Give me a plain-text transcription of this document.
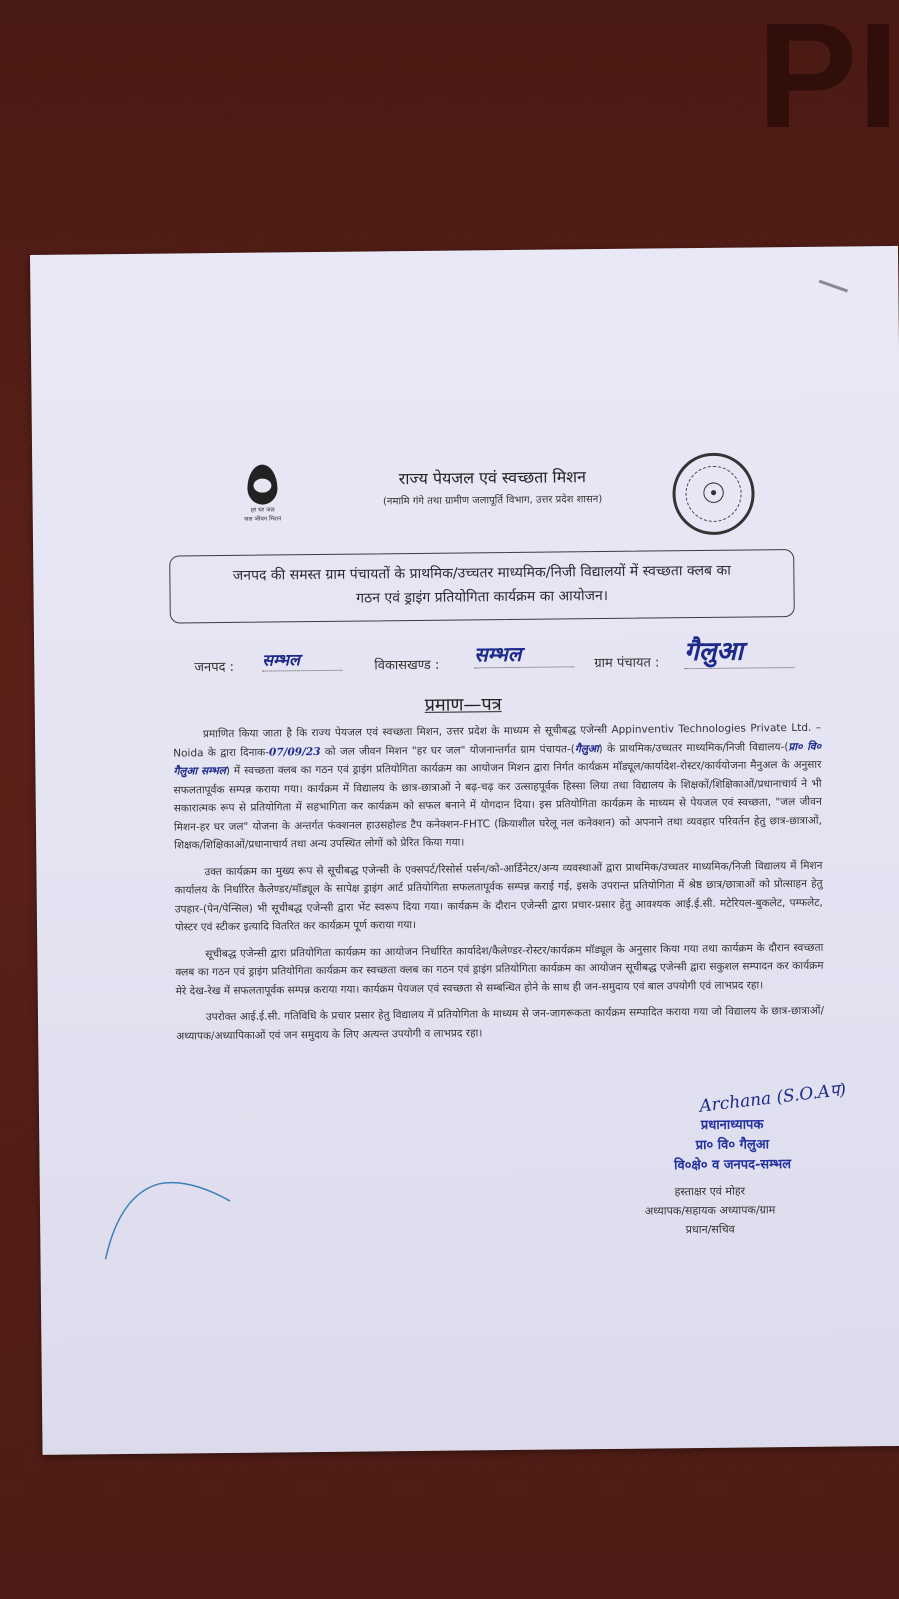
PI
हर घर जल
जल जीवन मिशन
राज्य पेयजल एवं स्वच्छता मिशन
(नमामि गंगे तथा ग्रामीण जलापूर्ति विभाग, उत्तर प्रदेश शासन)	☉
जनपद की समस्त ग्राम पंचायतों के प्राथमिक/उच्चतर माध्यमिक/निजी विद्यालयों में स्वच्छता क्लब का
गठन एवं ड्राइंग प्रतियोगिता कार्यक्रम का आयोजन।
जनपद : सम्भल	विकासखण्ड : सम्भल	ग्राम पंचायत : गैलुआ
प्रमाण—पत्र

प्रमाणित किया जाता है कि राज्य पेयजल एवं स्वच्छता मिशन, उत्तर प्रदेश के माध्यम से सूचीबद्ध एजेन्सी Appinventiv Technologies Private Ltd. – Noida के द्वारा दिनाक-07/09/23 को जल जीवन मिशन "हर घर जल" योजनान्तर्गत ग्राम पंचायत-(गैलुआ) के प्राथमिक/उच्चतर माध्यमिक/निजी विद्यालय-(प्रा० वि० गैलुआ सम्भल) में स्वच्छता क्लब का गठन एवं ड्राइंग प्रतियोगिता कार्यक्रम का आयोजन मिशन द्वारा निर्गत कार्यक्रम मॉड्यूल/कार्यादेश-रोस्टर/कार्ययोजना मैनुअल के अनुसार सफलतापूर्वक सम्पन्न कराया गया। कार्यक्रम में विद्यालय के छात्र-छात्राओं ने बढ़-चढ़ कर उत्साहपूर्वक हिस्सा लिया तथा विद्यालय के शिक्षकों/शिक्षिकाओं/प्रधानाचार्य ने भी सकारात्मक रूप से प्रतियोगिता में सहभागिता कर कार्यक्रम को सफल बनाने में योगदान दिया। इस प्रतियोगिता कार्यक्रम के माध्यम से पेयजल एवं स्वच्छता, "जल जीवन मिशन-हर घर जल" योजना के अन्तर्गत फंक्शनल हाउसहोल्ड टैप कनेक्शन-FHTC (क्रियाशील घरेलू नल कनेक्शन) को अपनाने तथा व्यवहार परिवर्तन हेतु छात्र-छात्राओं, शिक्षक/शिक्षिकाओं/प्रधानाचार्य तथा अन्य उपस्थित लोगों को प्रेरित किया गया।

उक्त कार्यक्रम का मुख्य रूप से सूचीबद्ध एजेन्सी के एक्सपर्ट/रिसोर्स पर्सन/को-आर्डिनेटर/अन्य व्यवस्थाओं द्वारा प्राथमिक/उच्चतर माध्यमिक/निजी विद्यालय में मिशन कार्यालय के निर्धारित कैलेण्डर/मॉड्यूल के सापेक्ष ड्राइंग आर्ट प्रतियोगिता सफलतापूर्वक सम्पन्न कराई गई, इसके उपरान्त प्रतियोगिता में श्रेष्ठ छात्र/छात्राओं को प्रोत्साहन हेतु उपहार-(पेन/पेन्सिल) भी सूचीबद्ध एजेन्सी द्वारा भेंट स्वरूप दिया गया। कार्यक्रम के दौरान एजेन्सी द्वारा प्रचार-प्रसार हेतु आवश्यक आई.ई.सी. मटेरियल-बुकलेट, पम्फलेट, पोस्टर एवं स्टीकर इत्यादि वितरित कर कार्यक्रम पूर्ण कराया गया।

सूचीबद्ध एजेन्सी द्वारा प्रतियोगिता कार्यक्रम का आयोजन निर्धारित कार्यादेश/कैलेण्डर-रोस्टर/कार्यक्रम मॉड्यूल के अनुसार किया गया तथा कार्यक्रम के दौरान स्वच्छता क्लब का गठन एवं ड्राइंग प्रतियोगिता कार्यक्रम कर स्वच्छता क्लब का गठन एवं ड्राइंग प्रतियोगिता कार्यक्रम का आयोजन सूचीबद्ध एजेन्सी द्वारा सकुशल सम्पादन कर कार्यक्रम मेरे देख-रेख में सफलतापूर्वक सम्पन्न कराया गया। कार्यक्रम पेयजल एवं स्वच्छता से सम्बन्धित होने के साथ ही जन-समुदाय एवं बाल उपयोगी एवं लाभप्रद रहा।

उपरोक्त आई.ई.सी. गतिविधि के प्रचार प्रसार हेतु विद्यालय में प्रतियोगिता के माध्यम से जन-जागरूकता कार्यक्रम सम्पादित कराया गया जो विद्यालय के छात्र-छात्राओं/अध्यापक/अध्यापिकाओं एवं जन समुदाय के लिए अत्यन्त उपयोगी व लाभप्रद रहा।

Archana (S.O.Aप)
प्रधानाध्यापक
प्रा० वि० गैलुआ
वि०क्षे० व जनपद-सम्भल
हस्ताक्षर एवं मोहर
अध्यापक/सहायक अध्यापक/ग्राम
प्रधान/सचिव
